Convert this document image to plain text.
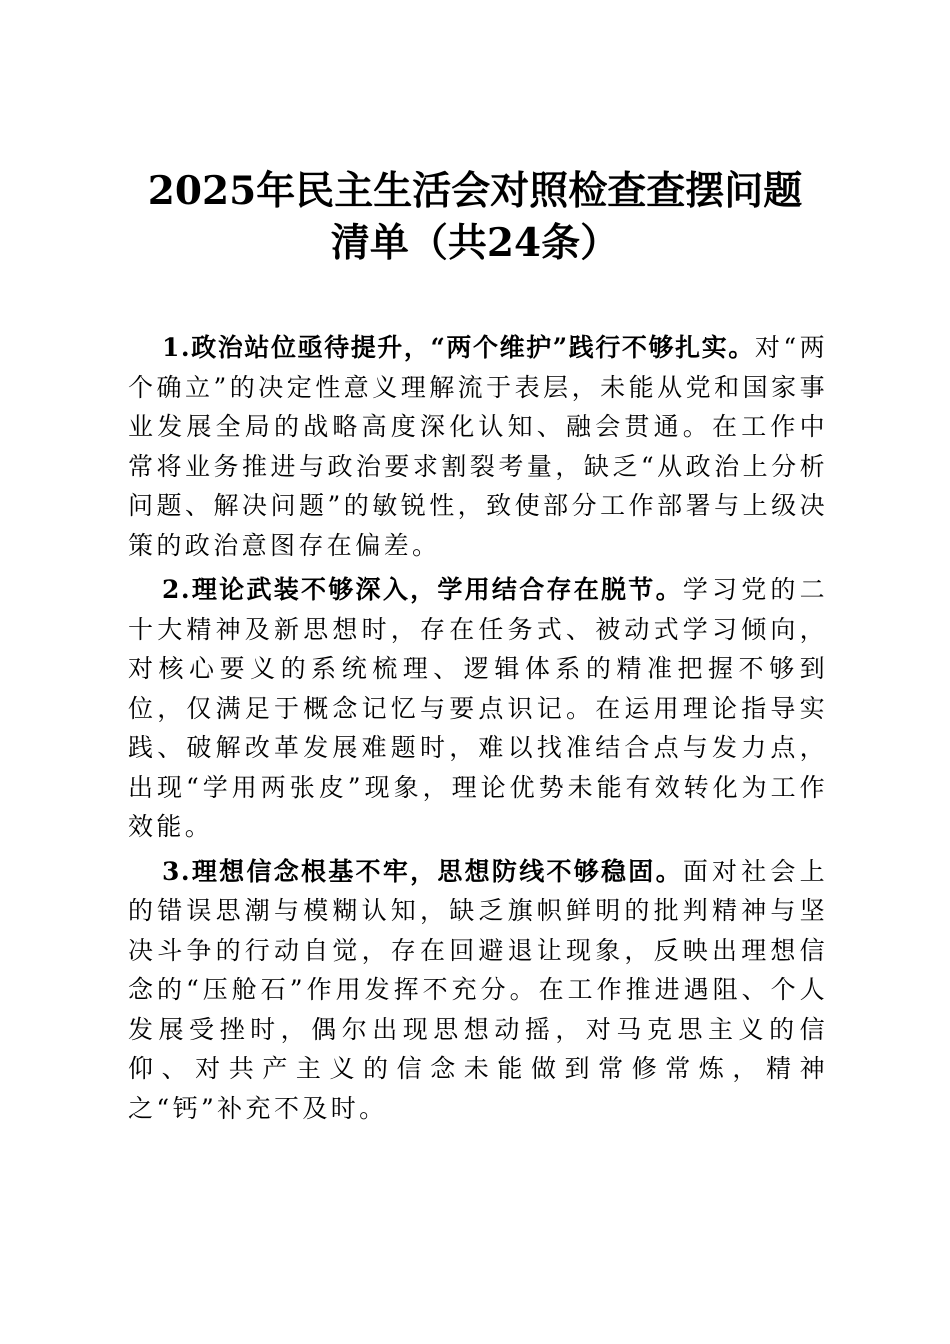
2025年民主生活会对照检查查摆问题
清单（共24条）

1.政治站位亟待提升，“两个维护”践行不够扎实。对“两个确立”的决定性意义理解流于表层，未能从党和国家事业发展全局的战略高度深化认知、融会贯通。在工作中常将业务推进与政治要求割裂考量，缺乏“从政治上分析问题、解决问题”的敏锐性，致使部分工作部署与上级决策的政治意图存在偏差。

2.理论武装不够深入，学用结合存在脱节。学习党的二十大精神及新思想时，存在任务式、被动式学习倾向，对核心要义的系统梳理、逻辑体系的精准把握不够到位，仅满足于概念记忆与要点识记。在运用理论指导实践、破解改革发展难题时，难以找准结合点与发力点，出现“学用两张皮”现象，理论优势未能有效转化为工作效能。

3.理想信念根基不牢，思想防线不够稳固。面对社会上的错误思潮与模糊认知，缺乏旗帜鲜明的批判精神与坚决斗争的行动自觉，存在回避退让现象，反映出理想信念的“压舱石”作用发挥不充分。在工作推进遇阻、个人发展受挫时，偶尔出现思想动摇，对马克思主义的信仰、对共产主义的信念未能做到常修常炼，精神之“钙”补充不及时。
